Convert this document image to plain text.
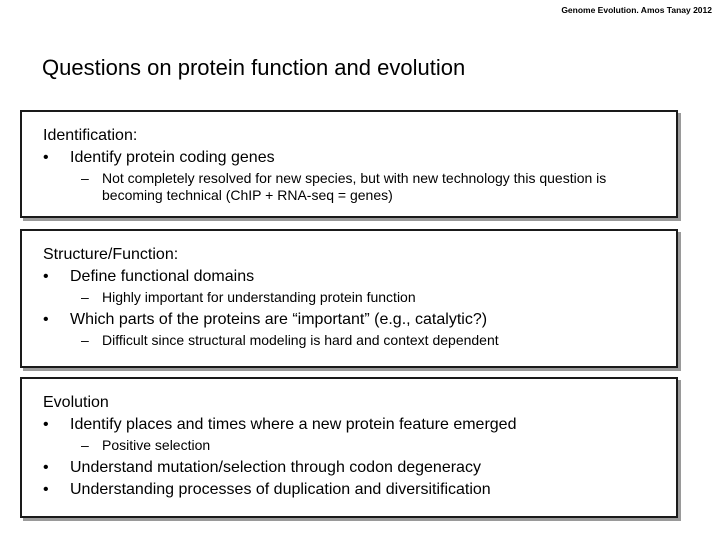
Genome Evolution. Amos Tanay 2012
Questions on protein function and evolution
Identification:
• Identify protein coding genes
– Not completely resolved for new species, but with new technology this question is becoming technical (ChIP + RNA-seq = genes)
Structure/Function:
• Define functional domains
– Highly important for understanding protein function
• Which parts of the proteins are “important” (e.g., catalytic?)
– Difficult since structural modeling is hard and context dependent
Evolution
• Identify places and times where a new protein feature emerged
– Positive selection
• Understand mutation/selection through codon degeneracy
• Understanding processes of duplication and diversitification
